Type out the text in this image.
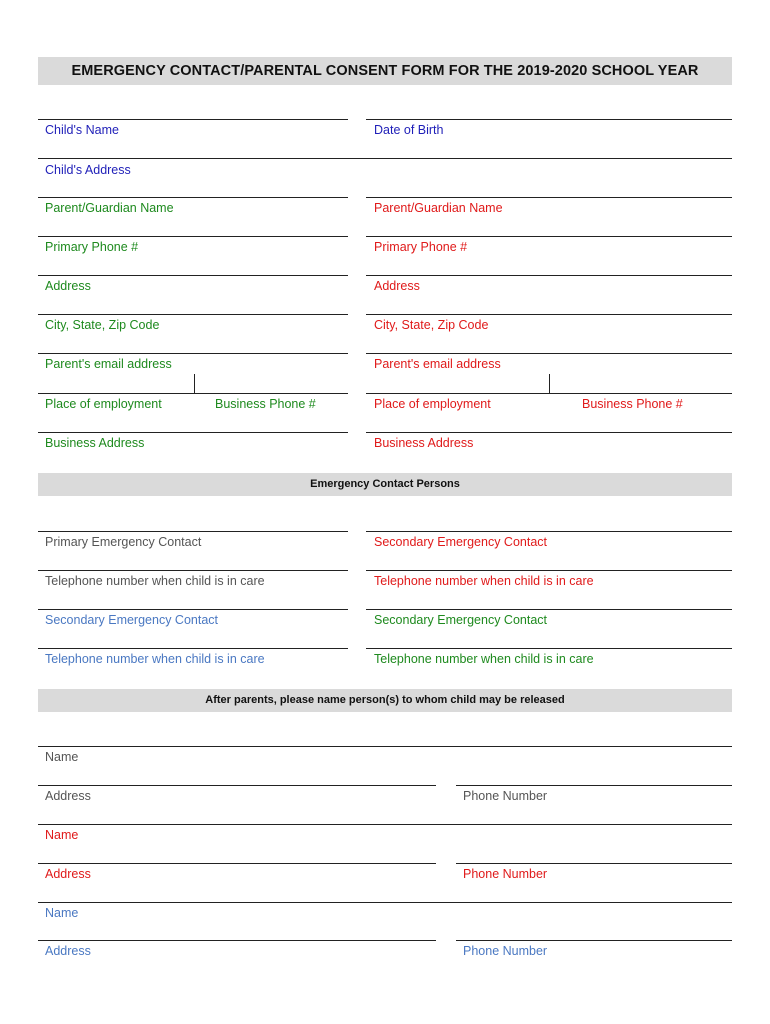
EMERGENCY CONTACT/PARENTAL CONSENT FORM FOR THE 2019-2020 SCHOOL YEAR
Child's Name	Date of Birth
Child's Address
Parent/Guardian Name	Parent/Guardian Name
Primary Phone #	Primary Phone #
Address	Address
City, State, Zip Code	City, State, Zip Code
Parent's email address	Parent's email address
Place of employment	Business Phone #	Place of employment	Business Phone #
Business Address	Business Address
Emergency Contact Persons
Primary Emergency Contact	Secondary Emergency Contact
Telephone number when child is in care	Telephone number when child is in care
Secondary Emergency Contact	Secondary Emergency Contact
Telephone number when child is in care	Telephone number when child is in care
After parents, please name person(s) to whom child may be released
Name
Address	Phone Number
Name
Address	Phone Number
Name
Address	Phone Number
